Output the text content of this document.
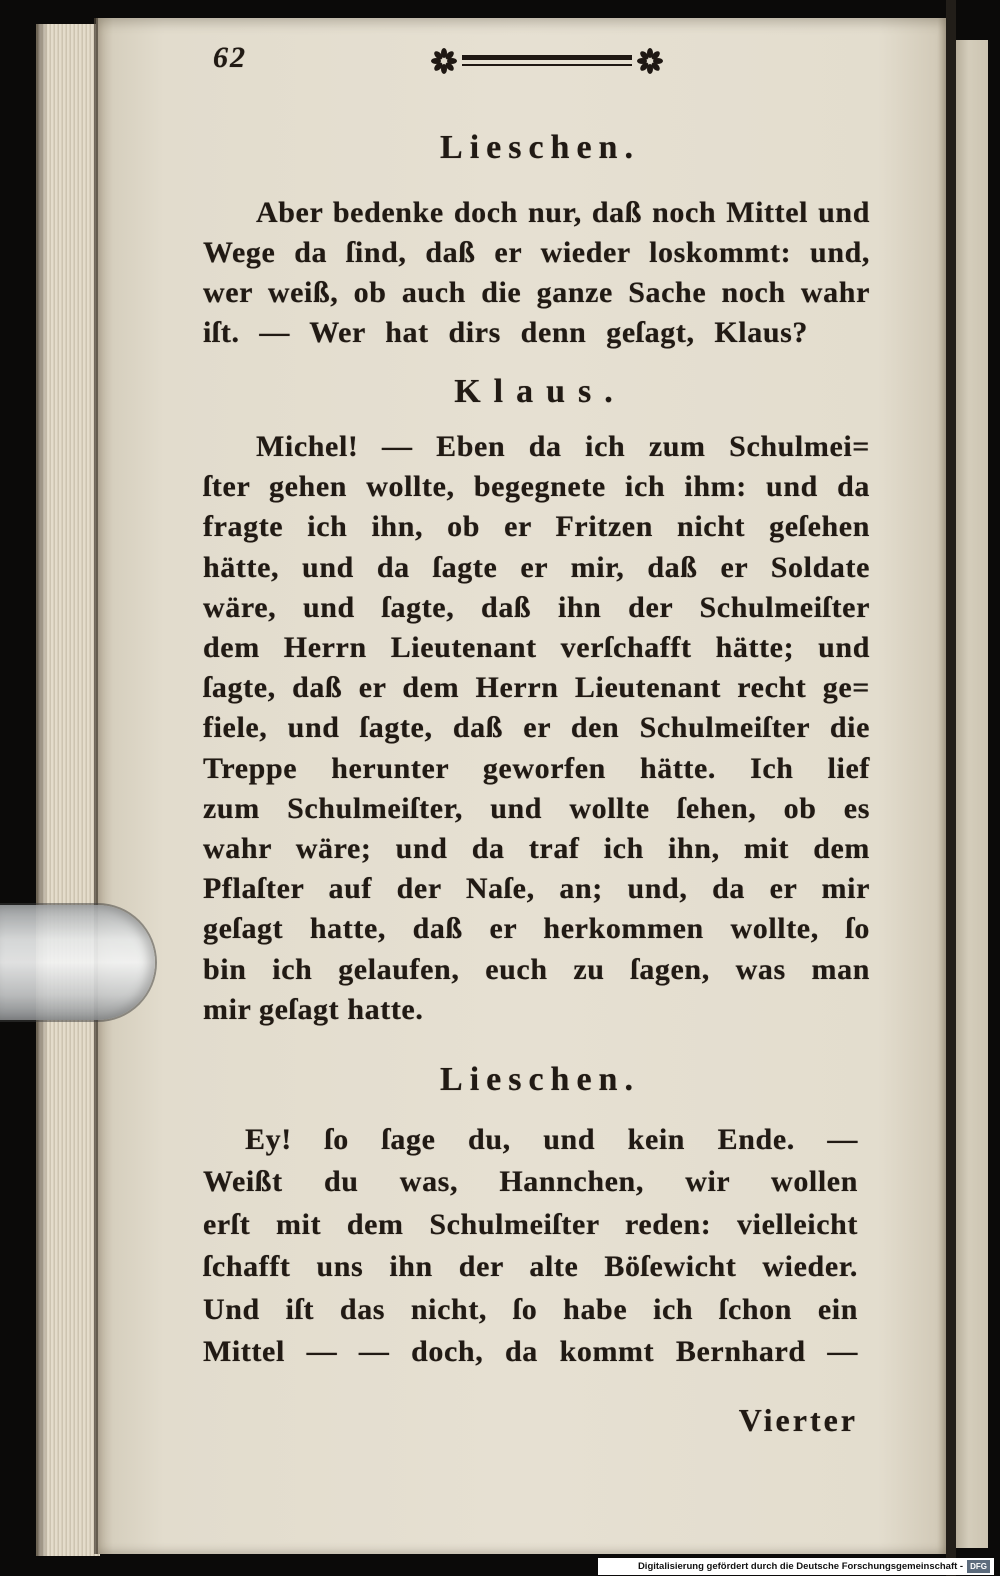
62
Lieschen.
Aber bedenke doch nur, daß noch Mittel und
Wege da ſind, daß er wieder loskommt: und,
wer weiß, ob auch die ganze Sache noch wahr
iſt. — Wer hat dirs denn geſagt, Klaus?
Klaus.
Michel! — Eben da ich zum Schulmei=
ſter gehen wollte, begegnete ich ihm: und da
fragte ich ihn, ob er Fritzen nicht geſehen
hätte, und da ſagte er mir, daß er Soldate
wäre, und ſagte, daß ihn der Schulmeiſter
dem Herrn Lieutenant verſchafft hätte; und
ſagte, daß er dem Herrn Lieutenant recht ge=
fiele, und ſagte, daß er den Schulmeiſter die
Treppe herunter geworfen hätte. Ich lief
zum Schulmeiſter, und wollte ſehen, ob es
wahr wäre; und da traf ich ihn, mit dem
Pflaſter auf der Naſe, an; und, da er mir
geſagt hatte, daß er herkommen wollte, ſo
bin ich gelaufen, euch zu ſagen, was man
mir geſagt hatte.
Lieschen.
Ey! ſo ſage du, und kein Ende. —
Weißt du was, Hannchen, wir wollen
erſt mit dem Schulmeiſter reden: vielleicht
ſchafft uns ihn der alte Böſewicht wieder.
Und iſt das nicht, ſo habe ich ſchon ein
Mittel — — doch, da kommt Bernhard —
Vierter
Digitalisierung gefördert durch die Deutsche Forschungsgemeinschaft - DFG
